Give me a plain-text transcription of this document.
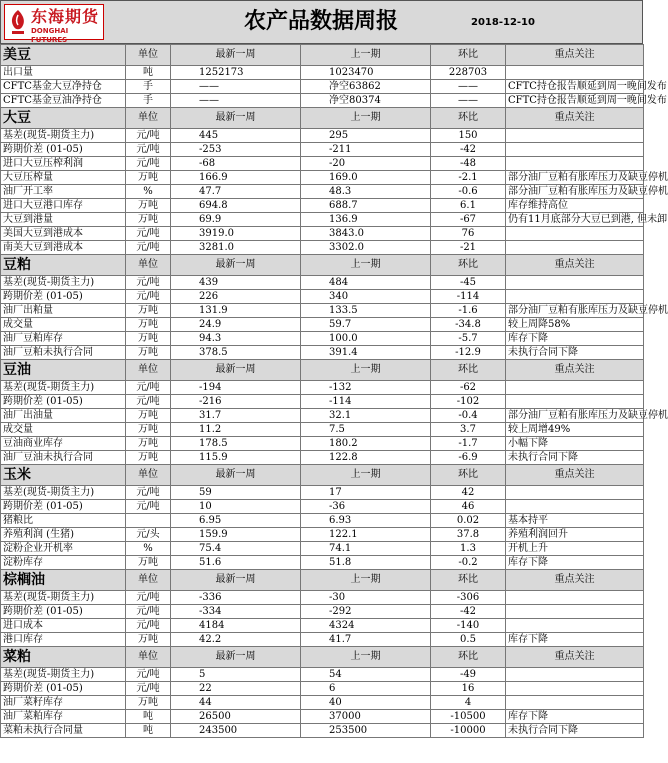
东海期货
DONGHAI FUTURES
农产品数据周报	2018-12-10
美豆	单位	最新一周	上一期	环比	重点关注
出口量	吨	1252173	1023470	228703	
CFTC基金大豆净持仓	手	——	净空63862	——	CFTC持仓报告顺延到周一晚间发布
CFTC基金豆油净持仓	手	——	净空80374	——	CFTC持仓报告顺延到周一晚间发布
大豆	单位	最新一周	上一期	环比	重点关注
基差(现货-期货主力)	元/吨	445	295	150	
跨期价差 (01-05)	元/吨	-253	-211	-42	
进口大豆压榨利润	元/吨	-68	-20	-48	
大豆压榨量	万吨	166.9	169.0	-2.1	部分油厂豆粕有胀库压力及缺豆停机
油厂开工率	%	47.7	48.3	-0.6	部分油厂豆粕有胀库压力及缺豆停机
进口大豆港口库存	万吨	694.8	688.7	6.1	库存维持高位
大豆到港量	万吨	69.9	136.9	-67	仍有11月底部分大豆已到港, 但未卸
美国大豆到港成本	元/吨	3919.0	3843.0	76	
南美大豆到港成本	元/吨	3281.0	3302.0	-21	
豆粕	单位	最新一周	上一期	环比	重点关注
基差(现货-期货主力)	元/吨	439	484	-45	
跨期价差 (01-05)	元/吨	226	340	-114	
油厂出粕量	万吨	131.9	133.5	-1.6	部分油厂豆粕有胀库压力及缺豆停机
成交量	万吨	24.9	59.7	-34.8	较上周降58%
油厂豆粕库存	万吨	94.3	100.0	-5.7	库存下降
油厂豆粕未执行合同	万吨	378.5	391.4	-12.9	未执行合同下降
豆油	单位	最新一周	上一期	环比	重点关注
基差(现货-期货主力)	元/吨	-194	-132	-62	
跨期价差 (01-05)	元/吨	-216	-114	-102	
油厂出油量	万吨	31.7	32.1	-0.4	部分油厂豆粕有胀库压力及缺豆停机
成交量	万吨	11.2	7.5	3.7	较上周增49%
豆油商业库存	万吨	178.5	180.2	-1.7	小幅下降
油厂豆油未执行合同	万吨	115.9	122.8	-6.9	未执行合同下降
玉米	单位	最新一周	上一期	环比	重点关注
基差(现货-期货主力)	元/吨	59	17	42	
跨期价差 (01-05)	元/吨	10	-36	46	
猪粮比		6.95	6.93	0.02	基本持平
养殖利润 (生猪)	元/头	159.9	122.1	37.8	养殖利润回升
淀粉企业开机率	%	75.4	74.1	1.3	开机上升
淀粉库存	万吨	51.6	51.8	-0.2	库存下降
棕榈油	单位	最新一周	上一期	环比	重点关注
基差(现货-期货主力)	元/吨	-336	-30	-306	
跨期价差 (01-05)	元/吨	-334	-292	-42	
进口成本	元/吨	4184	4324	-140	
港口库存	万吨	42.2	41.7	0.5	库存下降
菜粕	单位	最新一周	上一期	环比	重点关注
基差(现货-期货主力)	元/吨	5	54	-49	
跨期价差 (01-05)	元/吨	22	6	16	
油厂菜籽库存	万吨	44	40	4	
油厂菜粕库存	吨	26500	37000	-10500	库存下降
菜粕未执行合同量	吨	243500	253500	-10000	未执行合同下降
